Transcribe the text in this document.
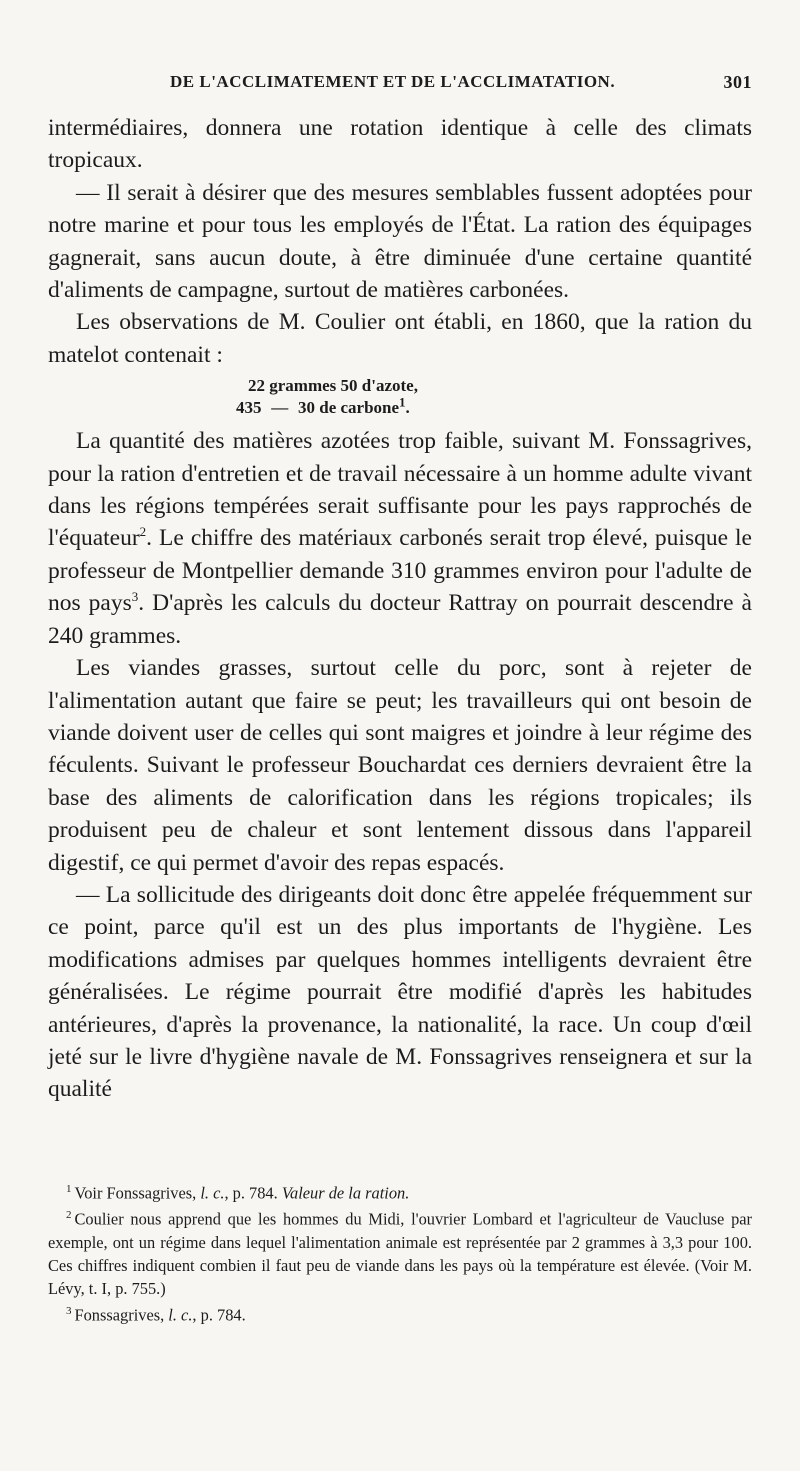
DE L'ACCLIMATEMENT ET DE L'ACCLIMATATION.	301

intermédiaires, donnera une rotation identique à celle des climats tropicaux.

— Il serait à désirer que des mesures semblables fussent adoptées pour notre marine et pour tous les employés de l'État. La ration des équipages gagnerait, sans aucun doute, à être diminuée d'une certaine quantité d'aliments de campagne, surtout de matières carbonées.

Les observations de M. Coulier ont établi, en 1860, que la ration du matelot contenait :

22 grammes 50 d'azote,
435 — 30 de carbone$^1$.

La quantité des matières azotées trop faible, suivant M. Fonssagrives, pour la ration d'entretien et de travail nécessaire à un homme adulte vivant dans les régions tempérées serait suffisante pour les pays rapprochés de l'équateur$^2$. Le chiffre des matériaux carbonés serait trop élevé, puisque le professeur de Montpellier demande 310 grammes environ pour l'adulte de nos pays$^3$. D'après les calculs du docteur Rattray on pourrait descendre à 240 grammes.

Les viandes grasses, surtout celle du porc, sont à rejeter de l'alimentation autant que faire se peut; les travailleurs qui ont besoin de viande doivent user de celles qui sont maigres et joindre à leur régime des féculents. Suivant le professeur Bouchardat ces derniers devraient être la base des aliments de calorification dans les régions tropicales; ils produisent peu de chaleur et sont lentement dissous dans l'appareil digestif, ce qui permet d'avoir des repas espacés.

— La sollicitude des dirigeants doit donc être appelée fréquemment sur ce point, parce qu'il est un des plus importants de l'hygiène. Les modifications admises par quelques hommes intelligents devraient être généralisées. Le régime pourrait être modifié d'après les habitudes antérieures, d'après la provenance, la nationalité, la race. Un coup d'œil jeté sur le livre d'hygiène navale de M. Fonssagrives renseignera et sur la qualité

$^1$ Voir Fonssagrives, l. c., p. 784. Valeur de la ration.

$^2$ Coulier nous apprend que les hommes du Midi, l'ouvrier Lombard et l'agriculteur de Vaucluse par exemple, ont un régime dans lequel l'alimentation animale est représentée par 2 grammes à 3,3 pour 100. Ces chiffres indiquent combien il faut peu de viande dans les pays où la température est élevée. (Voir M. Lévy, t. I, p. 755.)

$^3$ Fonssagrives, l. c., p. 784.
